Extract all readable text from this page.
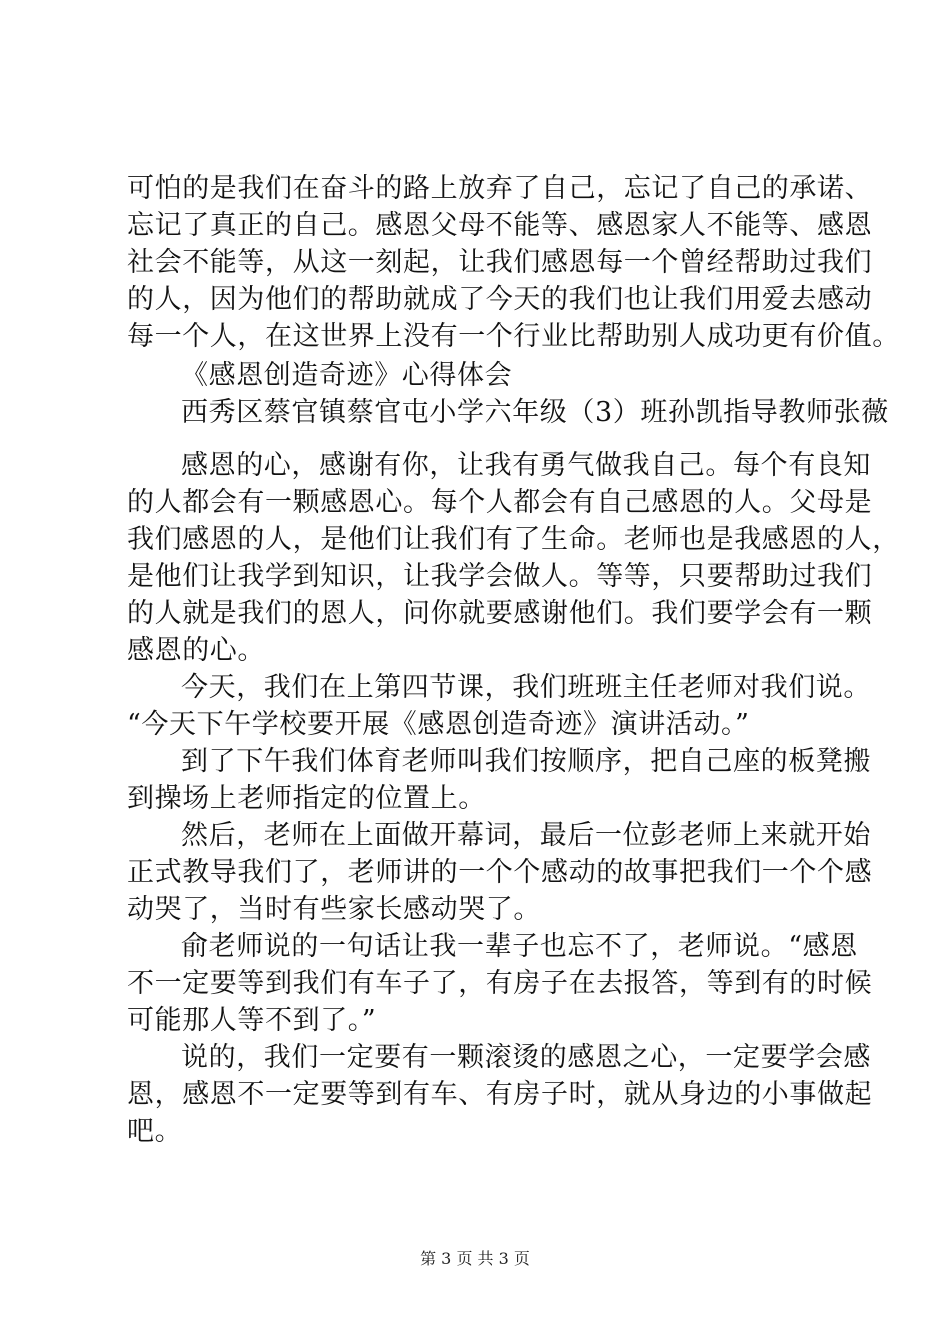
可怕的是我们在奋斗的路上放弃了自己，忘记了自己的承诺、
忘记了真正的自己。感恩父母不能等、感恩家人不能等、感恩
社会不能等，从这一刻起，让我们感恩每一个曾经帮助过我们
的人，因为他们的帮助就成了今天的我们也让我们用爱去感动
每一个人，在这世界上没有一个行业比帮助别人成功更有价值。
《感恩创造奇迹》心得体会
西秀区蔡官镇蔡官屯小学六年级（3）班孙凯指导教师张薇
感恩的心，感谢有你，让我有勇气做我自己。每个有良知
的人都会有一颗感恩心。每个人都会有自己感恩的人。父母是
我们感恩的人，是他们让我们有了生命。老师也是我感恩的人，
是他们让我学到知识，让我学会做人。等等，只要帮助过我们
的人就是我们的恩人，问你就要感谢他们。我们要学会有一颗
感恩的心。
今天，我们在上第四节课，我们班班主任老师对我们说。
“今天下午学校要开展《感恩创造奇迹》演讲活动。”
到了下午我们体育老师叫我们按顺序，把自己座的板凳搬
到操场上老师指定的位置上。
然后，老师在上面做开幕词，最后一位彭老师上来就开始
正式教导我们了，老师讲的一个个感动的故事把我们一个个感
动哭了，当时有些家长感动哭了。
俞老师说的一句话让我一辈子也忘不了，老师说。“感恩
不一定要等到我们有车子了，有房子在去报答，等到有的时候
可能那人等不到了。”
说的，我们一定要有一颗滚烫的感恩之心，一定要学会感
恩，感恩不一定要等到有车、有房子时，就从身边的小事做起
吧。
第 3 页 共 3 页
